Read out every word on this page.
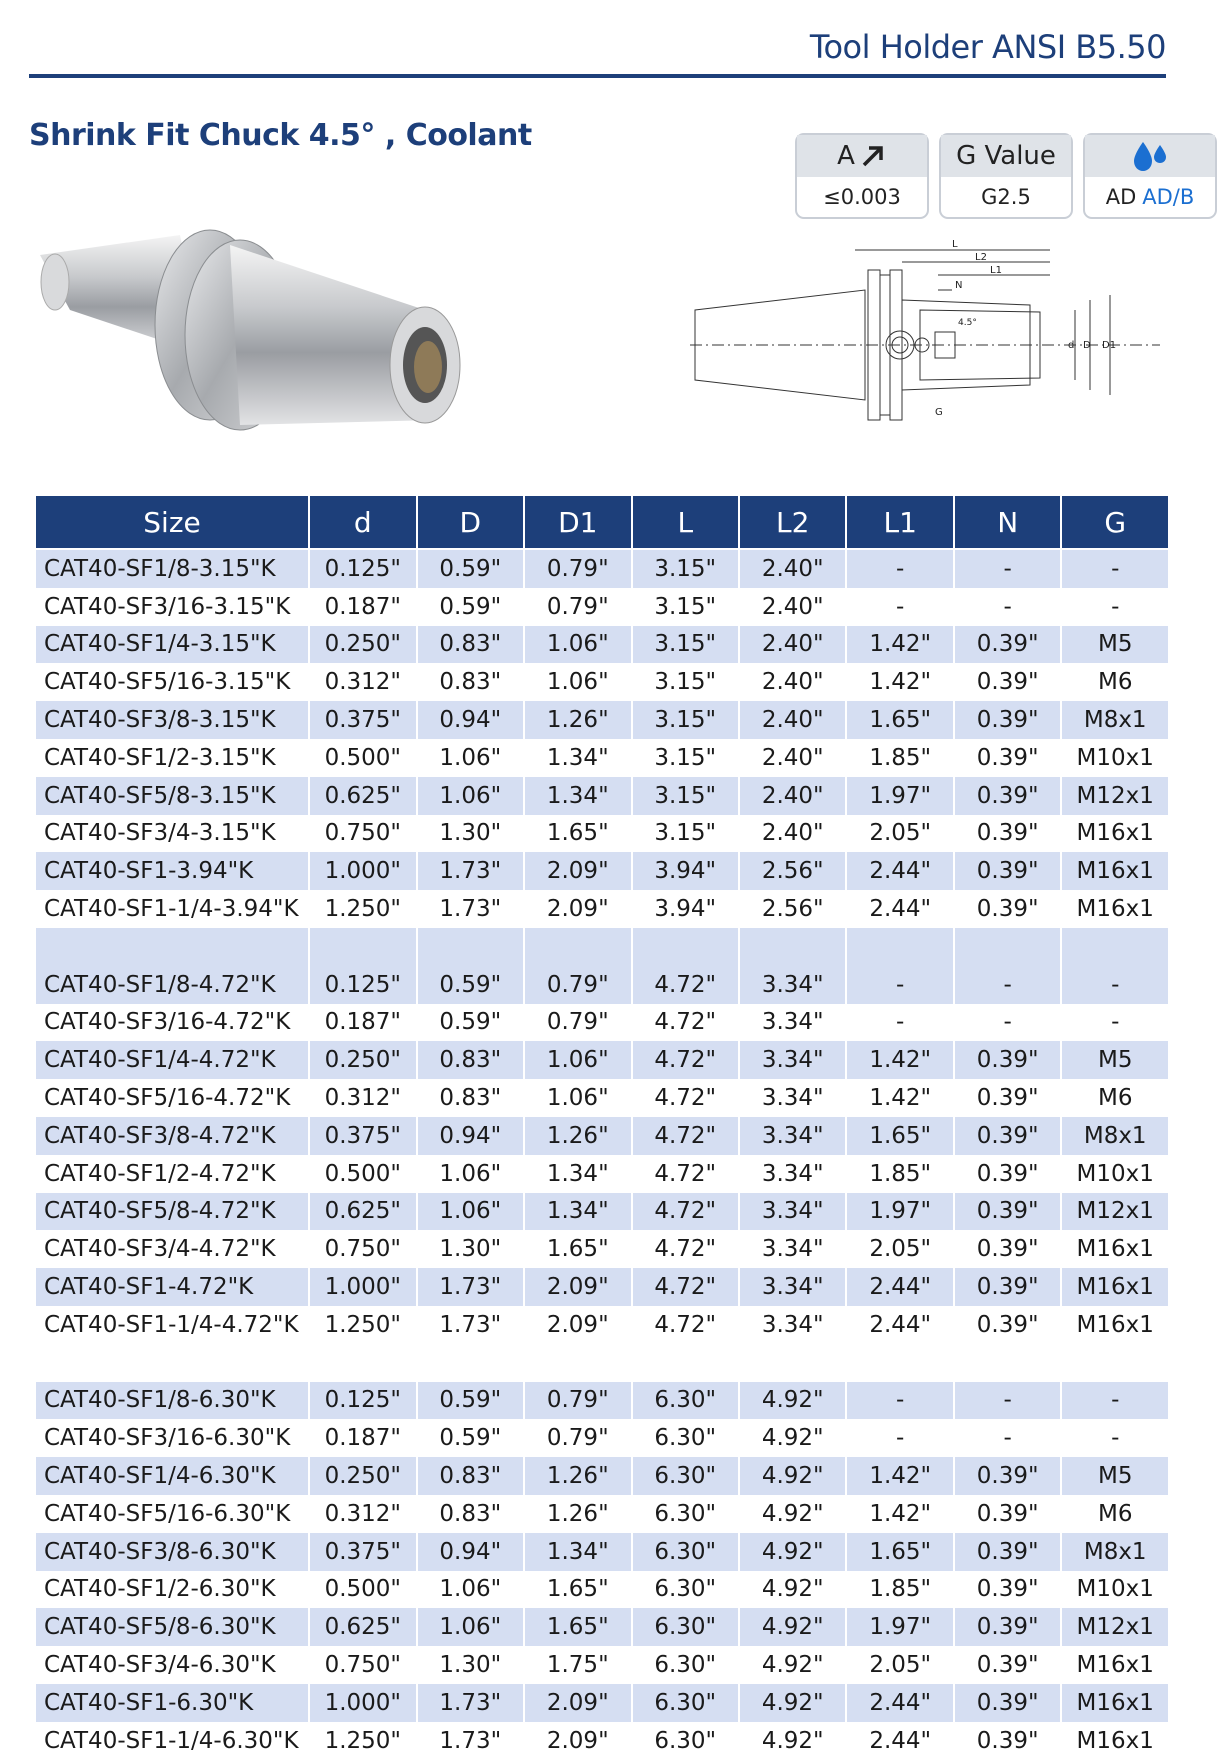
Tool Holder ANSI B5.50
Shrink Fit Chuck 4.5° , Coolant
A
≤0.003
G Value
G2.5	AD AD/B
L
L2
L1
N
d D D1
G
4.5°
Size	d	D	D1	L	L2	L1	N	G
CAT40-SF1/8-3.15"K	0.125"	0.59"	0.79"	3.15"	2.40"	-	-	-
CAT40-SF3/16-3.15"K	0.187"	0.59"	0.79"	3.15"	2.40"	-	-	-
CAT40-SF1/4-3.15"K	0.250"	0.83"	1.06"	3.15"	2.40"	1.42"	0.39"	M5
CAT40-SF5/16-3.15"K	0.312"	0.83"	1.06"	3.15"	2.40"	1.42"	0.39"	M6
CAT40-SF3/8-3.15"K	0.375"	0.94"	1.26"	3.15"	2.40"	1.65"	0.39"	M8x1
CAT40-SF1/2-3.15"K	0.500"	1.06"	1.34"	3.15"	2.40"	1.85"	0.39"	M10x1
CAT40-SF5/8-3.15"K	0.625"	1.06"	1.34"	3.15"	2.40"	1.97"	0.39"	M12x1
CAT40-SF3/4-3.15"K	0.750"	1.30"	1.65"	3.15"	2.40"	2.05"	0.39"	M16x1
CAT40-SF1-3.94"K	1.000"	1.73"	2.09"	3.94"	2.56"	2.44"	0.39"	M16x1
CAT40-SF1-1/4-3.94"K	1.250"	1.73"	2.09"	3.94"	2.56"	2.44"	0.39"	M16x1

CAT40-SF1/8-4.72"K	0.125"	0.59"	0.79"	4.72"	3.34"	-	-	-
CAT40-SF3/16-4.72"K	0.187"	0.59"	0.79"	4.72"	3.34"	-	-	-
CAT40-SF1/4-4.72"K	0.250"	0.83"	1.06"	4.72"	3.34"	1.42"	0.39"	M5
CAT40-SF5/16-4.72"K	0.312"	0.83"	1.06"	4.72"	3.34"	1.42"	0.39"	M6
CAT40-SF3/8-4.72"K	0.375"	0.94"	1.26"	4.72"	3.34"	1.65"	0.39"	M8x1
CAT40-SF1/2-4.72"K	0.500"	1.06"	1.34"	4.72"	3.34"	1.85"	0.39"	M10x1
CAT40-SF5/8-4.72"K	0.625"	1.06"	1.34"	4.72"	3.34"	1.97"	0.39"	M12x1
CAT40-SF3/4-4.72"K	0.750"	1.30"	1.65"	4.72"	3.34"	2.05"	0.39"	M16x1
CAT40-SF1-4.72"K	1.000"	1.73"	2.09"	4.72"	3.34"	2.44"	0.39"	M16x1
CAT40-SF1-1/4-4.72"K	1.250"	1.73"	2.09"	4.72"	3.34"	2.44"	0.39"	M16x1

CAT40-SF1/8-6.30"K	0.125"	0.59"	0.79"	6.30"	4.92"	-	-	-
CAT40-SF3/16-6.30"K	0.187"	0.59"	0.79"	6.30"	4.92"	-	-	-
CAT40-SF1/4-6.30"K	0.250"	0.83"	1.26"	6.30"	4.92"	1.42"	0.39"	M5
CAT40-SF5/16-6.30"K	0.312"	0.83"	1.26"	6.30"	4.92"	1.42"	0.39"	M6
CAT40-SF3/8-6.30"K	0.375"	0.94"	1.34"	6.30"	4.92"	1.65"	0.39"	M8x1
CAT40-SF1/2-6.30"K	0.500"	1.06"	1.65"	6.30"	4.92"	1.85"	0.39"	M10x1
CAT40-SF5/8-6.30"K	0.625"	1.06"	1.65"	6.30"	4.92"	1.97"	0.39"	M12x1
CAT40-SF3/4-6.30"K	0.750"	1.30"	1.75"	6.30"	4.92"	2.05"	0.39"	M16x1
CAT40-SF1-6.30"K	1.000"	1.73"	2.09"	6.30"	4.92"	2.44"	0.39"	M16x1
CAT40-SF1-1/4-6.30"K	1.250"	1.73"	2.09"	6.30"	4.92"	2.44"	0.39"	M16x1
